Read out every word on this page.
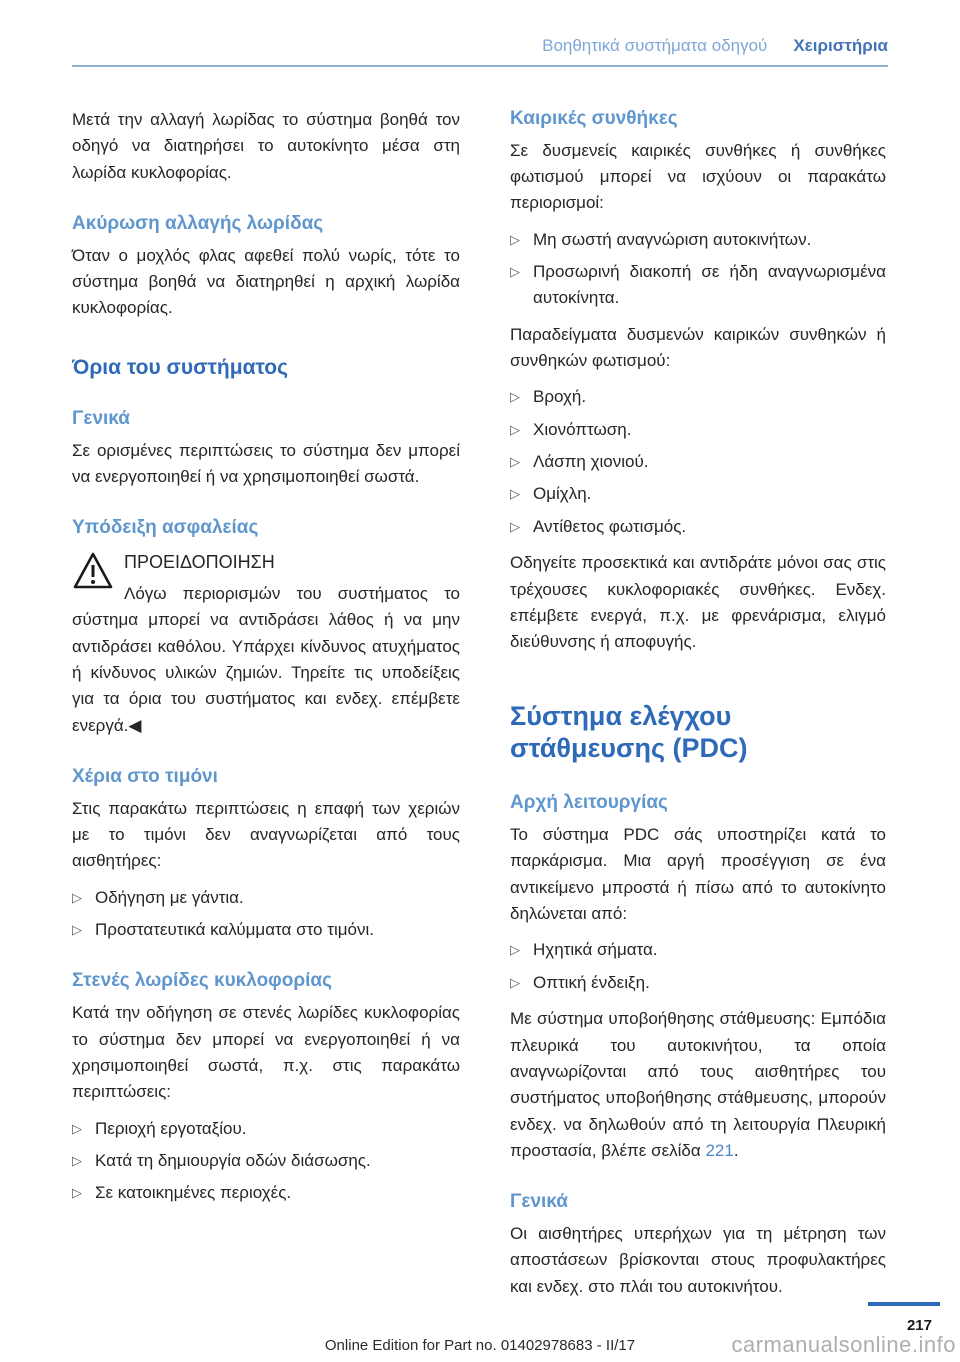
Βοηθητικά συστήματα οδηγού Χειριστήρια

Μετά την αλλαγή λωρίδας το σύστημα βοηθά τον οδηγό να διατηρήσει το αυτοκίνητο μέσα στη λωρίδα κυκλοφορίας.

Ακύρωση αλλαγής λωρίδας

Όταν ο μοχλός φλας αφεθεί πολύ νωρίς, τότε το σύστημα βοηθά να διατηρηθεί η αρχική λωρίδα κυκλοφορίας.

Όρια του συστήματος
Γενικά

Σε ορισμένες περιπτώσεις το σύστημα δεν μπορεί να ενεργοποιηθεί ή να χρησιμοποιηθεί σωστά.

Υπόδειξη ασφαλείας
ΠΡΟΕΙΔΟΠΟΙΗΣΗ
Λόγω περιορισμών του συστήματος το σύστημα μπορεί να αντιδράσει λάθος ή να μην αντιδράσει καθόλου. Υπάρχει κίνδυνος ατυχήματος ή κίνδυνος υλικών ζημιών. Τηρείτε τις υποδείξεις για τα όρια του συστήματος και ενδεχ. επέμβετε ενεργά.◀
Χέρια στο τιμόνι

Στις παρακάτω περιπτώσεις η επαφή των χεριών με το τιμόνι δεν αναγνωρίζεται από τους αισθητήρες:

▷ Οδήγηση με γάντια.
▷ Προστατευτικά καλύμματα στο τιμόνι.
Στενές λωρίδες κυκλοφορίας

Κατά την οδήγηση σε στενές λωρίδες κυκλοφορίας το σύστημα δεν μπορεί να ενεργοποιηθεί ή να χρησιμοποιηθεί σωστά, π.χ. στις παρακάτω περιπτώσεις:

▷ Περιοχή εργοταξίου.
▷ Κατά τη δημιουργία οδών διάσωσης.
▷ Σε κατοικημένες περιοχές.
Καιρικές συνθήκες

Σε δυσμενείς καιρικές συνθήκες ή συνθήκες φωτισμού μπορεί να ισχύουν οι παρακάτω περιορισμοί:

▷ Μη σωστή αναγνώριση αυτοκινήτων.
▷ Προσωρινή διακοπή σε ήδη αναγνωρισμένα αυτοκίνητα.

Παραδείγματα δυσμενών καιρικών συνθηκών ή συνθηκών φωτισμού:

▷ Βροχή.
▷ Χιονόπτωση.
▷ Λάσπη χιονιού.
▷ Ομίχλη.
▷ Αντίθετος φωτισμός.

Οδηγείτε προσεκτικά και αντιδράτε μόνοι σας στις τρέχουσες κυκλοφοριακές συνθήκες. Ενδεχ. επέμβετε ενεργά, π.χ. με φρενάρισμα, ελιγμό διεύθυνσης ή αποφυγής.

Σύστημα ελέγχου στάθμευσης (PDC)
Αρχή λειτουργίας

Το σύστημα PDC σάς υποστηρίζει κατά το παρκάρισμα. Μια αργή προσέγγιση σε ένα αντικείμενο μπροστά ή πίσω από το αυτοκίνητο δηλώνεται από:

▷ Ηχητικά σήματα.
▷ Οπτική ένδειξη.

Με σύστημα υποβοήθησης στάθμευσης: Εμπόδια πλευρικά του αυτοκινήτου, τα οποία αναγνωρίζονται από τους αισθητήρες του συστήματος υποβοήθησης στάθμευσης, μπορούν ενδεχ. να δηλωθούν από τη λειτουργία Πλευρική προστασία, βλέπε σελίδα 221.

Γενικά

Οι αισθητήρες υπερήχων για τη μέτρηση των αποστάσεων βρίσκονται στους προφυλακτήρες και ενδεχ. στο πλάι του αυτοκινήτου.

217
Online Edition for Part no. 01402978683 - II/17	carmanualsonline.info
